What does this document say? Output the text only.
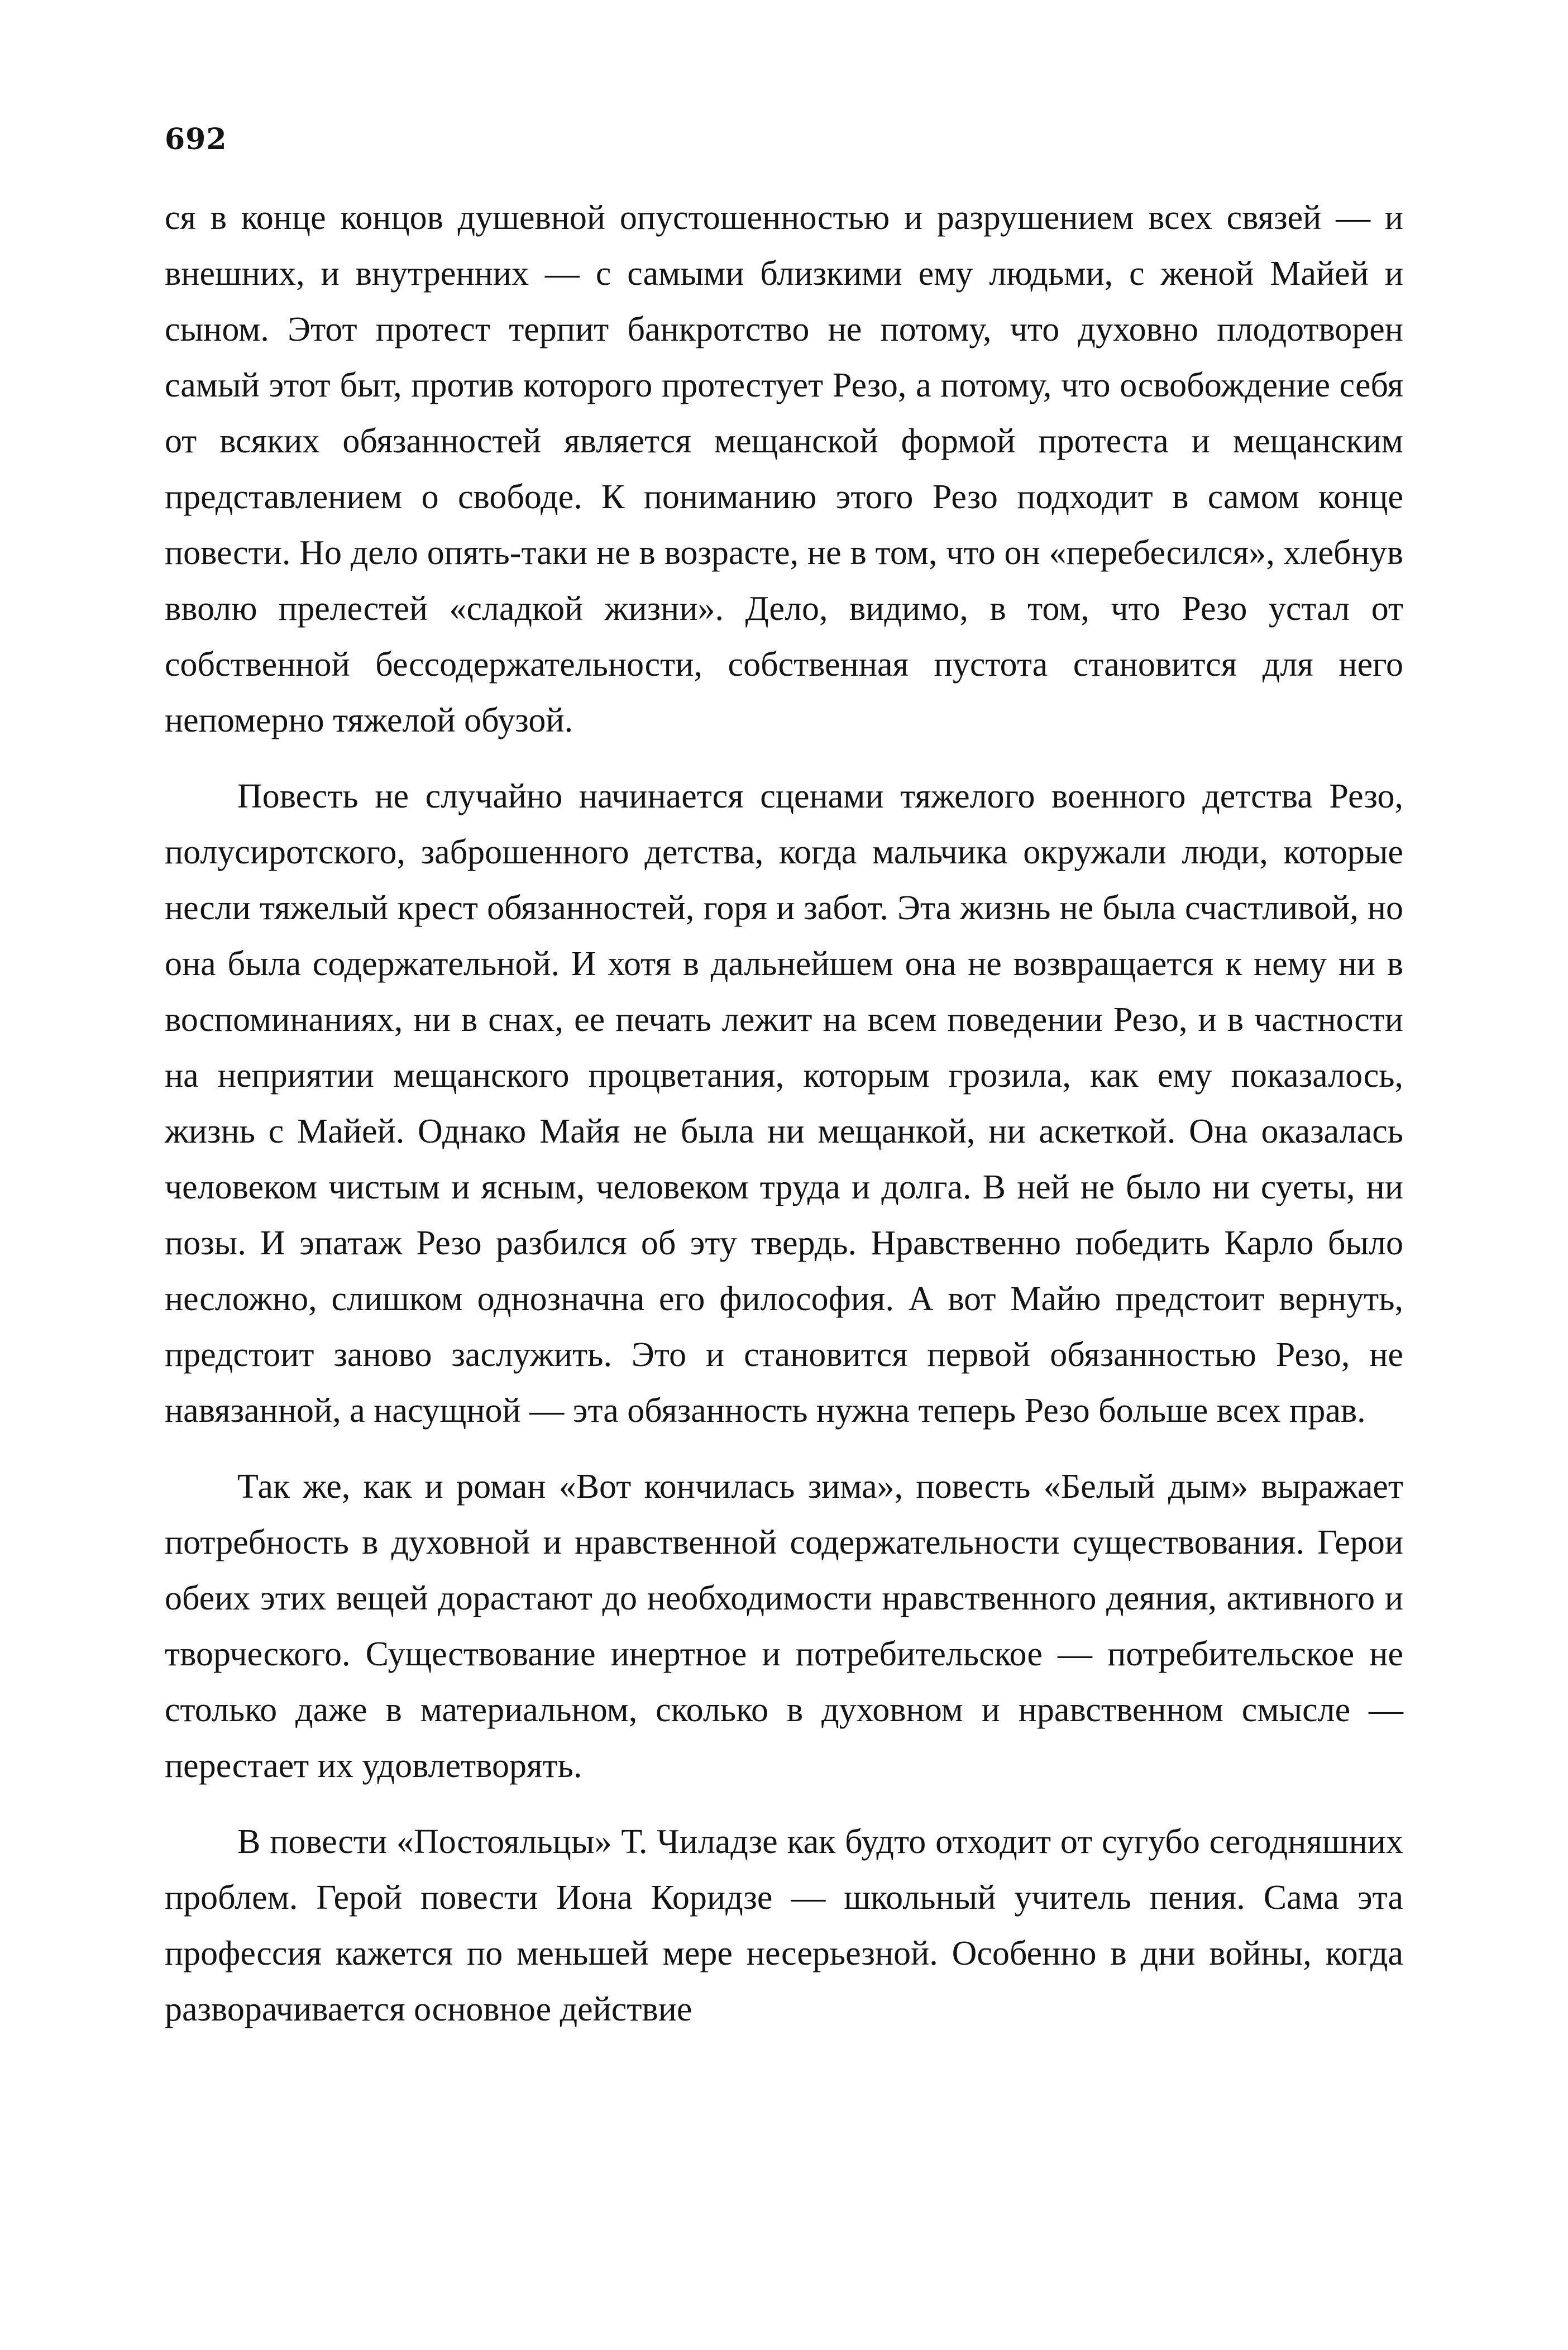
692

ся в конце концов душевной опустошенностью и разрушением всех связей — и внешних, и внутренних — с самыми близкими ему людьми, с женой Майей и сыном. Этот протест терпит банкротство не потому, что духовно плодотворен самый этот быт, против которого протестует Резо, а потому, что освобождение себя от всяких обязанностей является мещанской формой протеста и мещанским представлением о свободе. К пониманию этого Резо подходит в самом конце повести. Но дело опять-таки не в возрасте, не в том, что он «перебесился», хлебнув вволю прелестей «сладкой жизни». Дело, видимо, в том, что Резо устал от собственной бессодержательности, собственная пустота становится для него непомерно тяжелой обузой.

Повесть не случайно начинается сценами тяжелого военного детства Резо, полусиротского, заброшенного детства, когда мальчика окружали люди, которые несли тяжелый крест обязанностей, горя и забот. Эта жизнь не была счастливой, но она была содержательной. И хотя в дальнейшем она не возвращается к нему ни в воспоминаниях, ни в снах, ее печать лежит на всем поведении Резо, и в частности на неприятии мещанского процветания, которым грозила, как ему показалось, жизнь с Майей. Однако Майя не была ни мещанкой, ни аскеткой. Она оказалась человеком чистым и ясным, человеком труда и долга. В ней не было ни суеты, ни позы. И эпатаж Резо разбился об эту твердь. Нравственно победить Карло было несложно, слишком однозначна его философия. А вот Майю предстоит вернуть, предстоит заново заслужить. Это и становится первой обязанностью Резо, не навязанной, а насущной — эта обязанность нужна теперь Резо больше всех прав.

Так же, как и роман «Вот кончилась зима», повесть «Белый дым» выражает потребность в духовной и нравственной содержательности существования. Герои обеих этих вещей дорастают до необходимости нравственного деяния, активного и творческого. Существование инертное и потребительское — потребительское не столько даже в материальном, сколько в духовном и нравственном смысле — перестает их удовлетворять.

В повести «Постояльцы» Т. Чиладзе как будто отходит от сугубо сегодняшних проблем. Герой повести Иона Коридзе — школьный учитель пения. Сама эта профессия кажется по меньшей мере несерьезной. Особенно в дни войны, когда разворачивается основное действие
